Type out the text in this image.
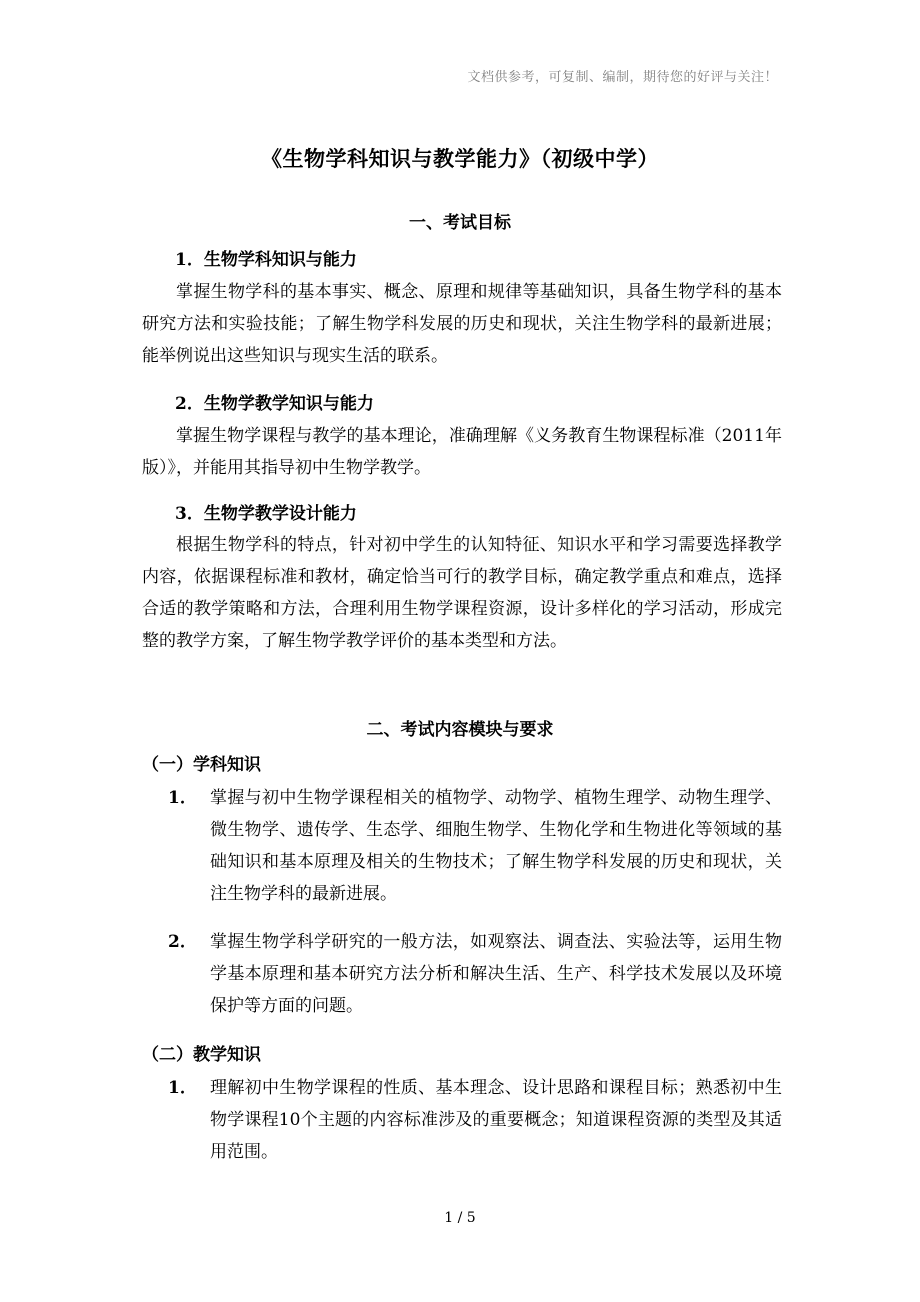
文档供参考，可复制、编制，期待您的好评与关注！
《生物学科知识与教学能力》（初级中学）
一、考试目标
1．生物学科知识与能力

掌握生物学科的基本事实、概念、原理和规律等基础知识，具备生物学科的基本研究方法和实验技能；了解生物学科发展的历史和现状，关注生物学科的最新进展；能举例说出这些知识与现实生活的联系。

2．生物学教学知识与能力

掌握生物学课程与教学的基本理论，准确理解《义务教育生物课程标准（2011年版）》，并能用其指导初中生物学教学。

3．生物学教学设计能力

根据生物学科的特点，针对初中学生的认知特征、知识水平和学习需要选择教学内容，依据课程标准和教材，确定恰当可行的教学目标，确定教学重点和难点，选择合适的教学策略和方法，合理利用生物学课程资源，设计多样化的学习活动，形成完整的教学方案，了解生物学教学评价的基本类型和方法。

二、考试内容模块与要求
（一）学科知识
1． 掌握与初中生物学课程相关的植物学、动物学、植物生理学、动物生理学、微生物学、遗传学、生态学、细胞生物学、生物化学和生物进化等领域的基础知识和基本原理及相关的生物技术；了解生物学科发展的历史和现状，关注生物学科的最新进展。
2． 掌握生物学科学研究的一般方法，如观察法、调查法、实验法等，运用生物学基本原理和基本研究方法分析和解决生活、生产、科学技术发展以及环境保护等方面的问题。
（二）教学知识
1． 理解初中生物学课程的性质、基本理念、设计思路和课程目标；熟悉初中生物学课程10个主题的内容标准涉及的重要概念；知道课程资源的类型及其适用范围。
1 / 5
